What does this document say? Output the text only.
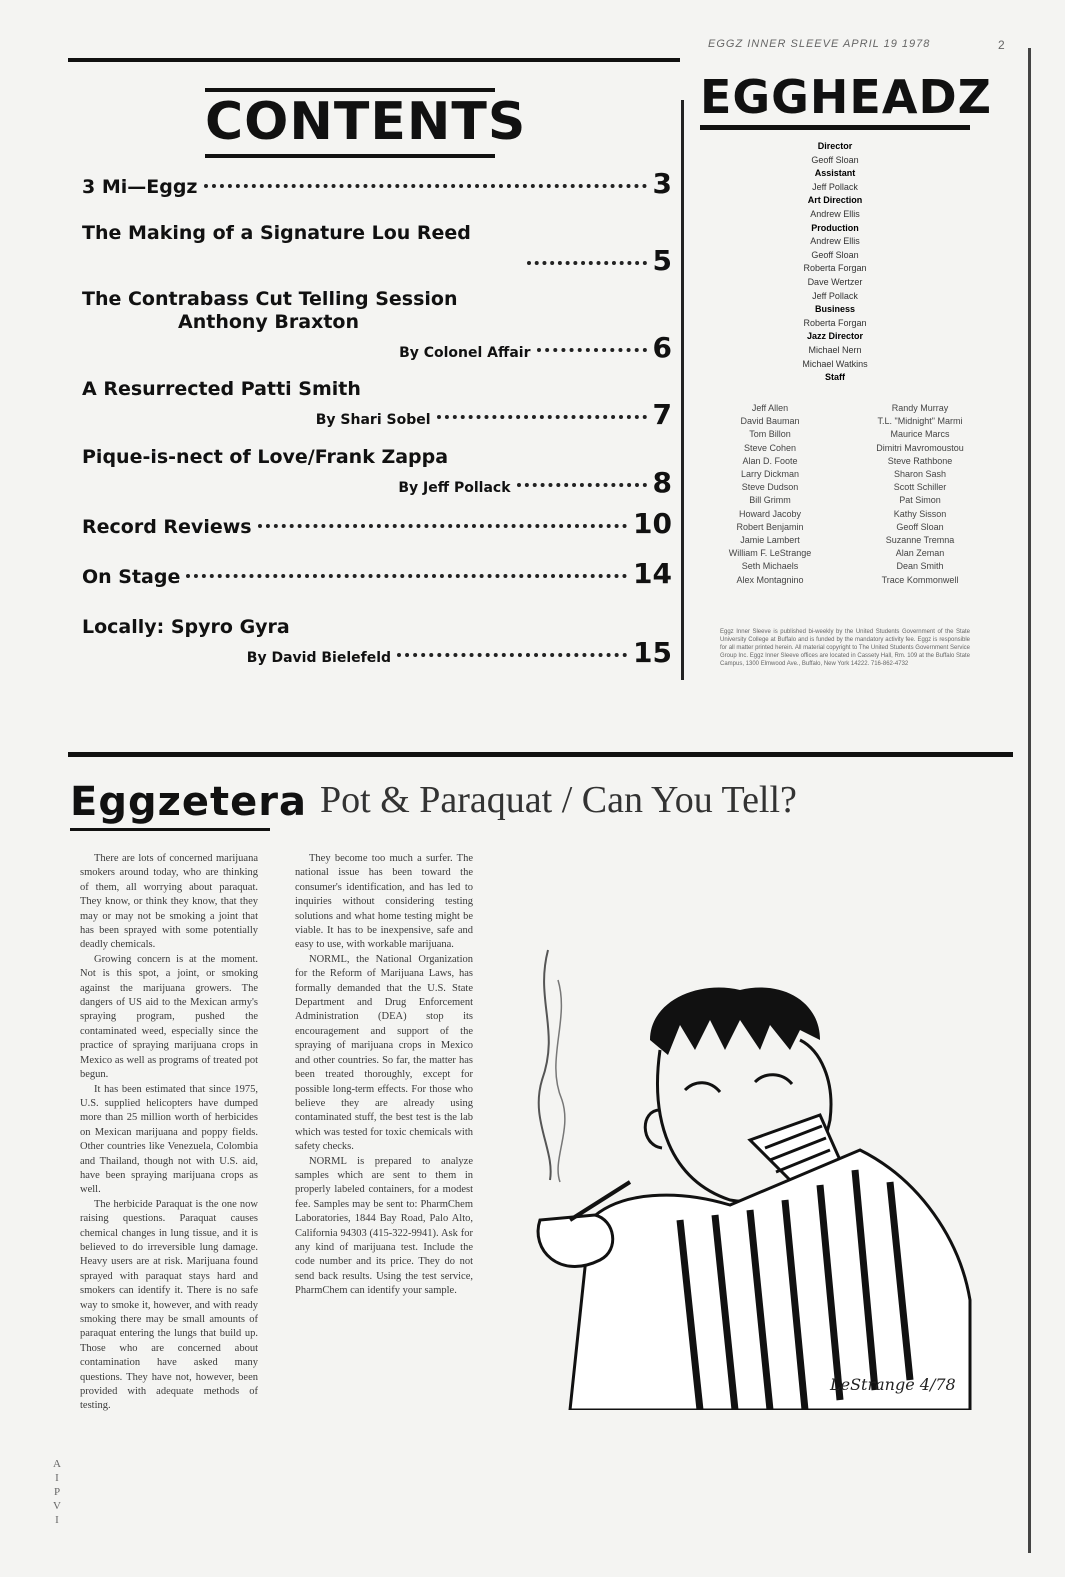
EGGZ INNER SLEEVE APRIL 19 1978	2
CONTENTS
3 Mi—Eggz	3
The Making of a Signature Lou Reed
5
The Contrabass Cut Telling Session
Anthony Braxton
By Colonel Affair	6
A Resurrected Patti Smith
By Shari Sobel	7
Pique-is-nect of Love/Frank Zappa
By Jeff Pollack	8
Record Reviews	10
On Stage	14
Locally: Spyro Gyra
By David Bielefeld	15
EGGHEADZ
Director
Geoff Sloan
Assistant
Jeff Pollack
Art Direction
Andrew Ellis
Production
Andrew Ellis
Geoff Sloan
Roberta Forgan
Dave Wertzer
Jeff Pollack
Business
Roberta Forgan
Jazz Director
Michael Nern
Michael Watkins
Staff
Jeff Allen
David Bauman
Tom Billon
Steve Cohen
Alan D. Foote
Larry Dickman
Steve Dudson
Bill Grimm
Howard Jacoby
Robert Benjamin
Jamie Lambert
William F. LeStrange
Seth Michaels
Alex Montagnino
Randy Murray
T.L. "Midnight" Marmi
Maurice Marcs
Dimitri Mavromoustou
Steve Rathbone
Sharon Sash
Scott Schiller
Pat Simon
Kathy Sisson
Geoff Sloan
Suzanne Tremna
Alan Zeman
Dean Smith
Trace Kommonwell
Eggz Inner Sleeve is published bi-weekly by the United Students Government of the State University College at Buffalo and is funded by the mandatory activity fee. Eggz is responsible for all matter printed herein. All material copyright to The United Students Government Service Group Inc. Eggz Inner Sleeve offices are located in Cassety Hall, Rm. 109 at the Buffalo State Campus, 1300 Elmwood Ave., Buffalo, New York 14222. 716-862-4732
Eggzetera Pot & Paraquat / Can You Tell?

There are lots of concerned marijuana smokers around today, who are thinking of them, all worrying about paraquat. They know, or think they know, that they may or may not be smoking a joint that has been sprayed with some potentially deadly chemicals.

Growing concern is at the moment. Not is this spot, a joint, or smoking against the marijuana growers. The dangers of US aid to the Mexican army's spraying program, pushed the contaminated weed, especially since the practice of spraying marijuana crops in Mexico as well as programs of treated pot begun.

It has been estimated that since 1975, U.S. supplied helicopters have dumped more than 25 million worth of herbicides on Mexican marijuana and poppy fields. Other countries like Venezuela, Colombia and Thailand, though not with U.S. aid, have been spraying marijuana crops as well.

The herbicide Paraquat is the one now raising questions. Paraquat causes chemical changes in lung tissue, and it is believed to do irreversible lung damage. Heavy users are at risk. Marijuana found sprayed with paraquat stays hard and smokers can identify it. There is no safe way to smoke it, however, and with ready smoking there may be small amounts of paraquat entering the lungs that build up. Those who are concerned about contamination have asked many questions. They have not, however, been provided with adequate methods of testing.

They become too much a surfer. The national issue has been toward the consumer's identification, and has led to inquiries without considering testing solutions and what home testing might be viable. It has to be inexpensive, safe and easy to use, with workable marijuana.

NORML, the National Organization for the Reform of Marijuana Laws, has formally demanded that the U.S. State Department and Drug Enforcement Administration (DEA) stop its encouragement and support of the spraying of marijuana crops in Mexico and other countries. So far, the matter has been treated thoroughly, except for possible long-term effects. For those who believe they are already using contaminated stuff, the best test is the lab which was tested for toxic chemicals with safety checks.

NORML is prepared to analyze samples which are sent to them in properly labeled containers, for a modest fee. Samples may be sent to: PharmChem Laboratories, 1844 Bay Road, Palo Alto, California 94303 (415-322-9941). Ask for any kind of marijuana test. Include the code number and its price. They do not send back results. Using the test service, PharmChem can identify your sample.

LeStrange 4/78
A
I
P
V
I
